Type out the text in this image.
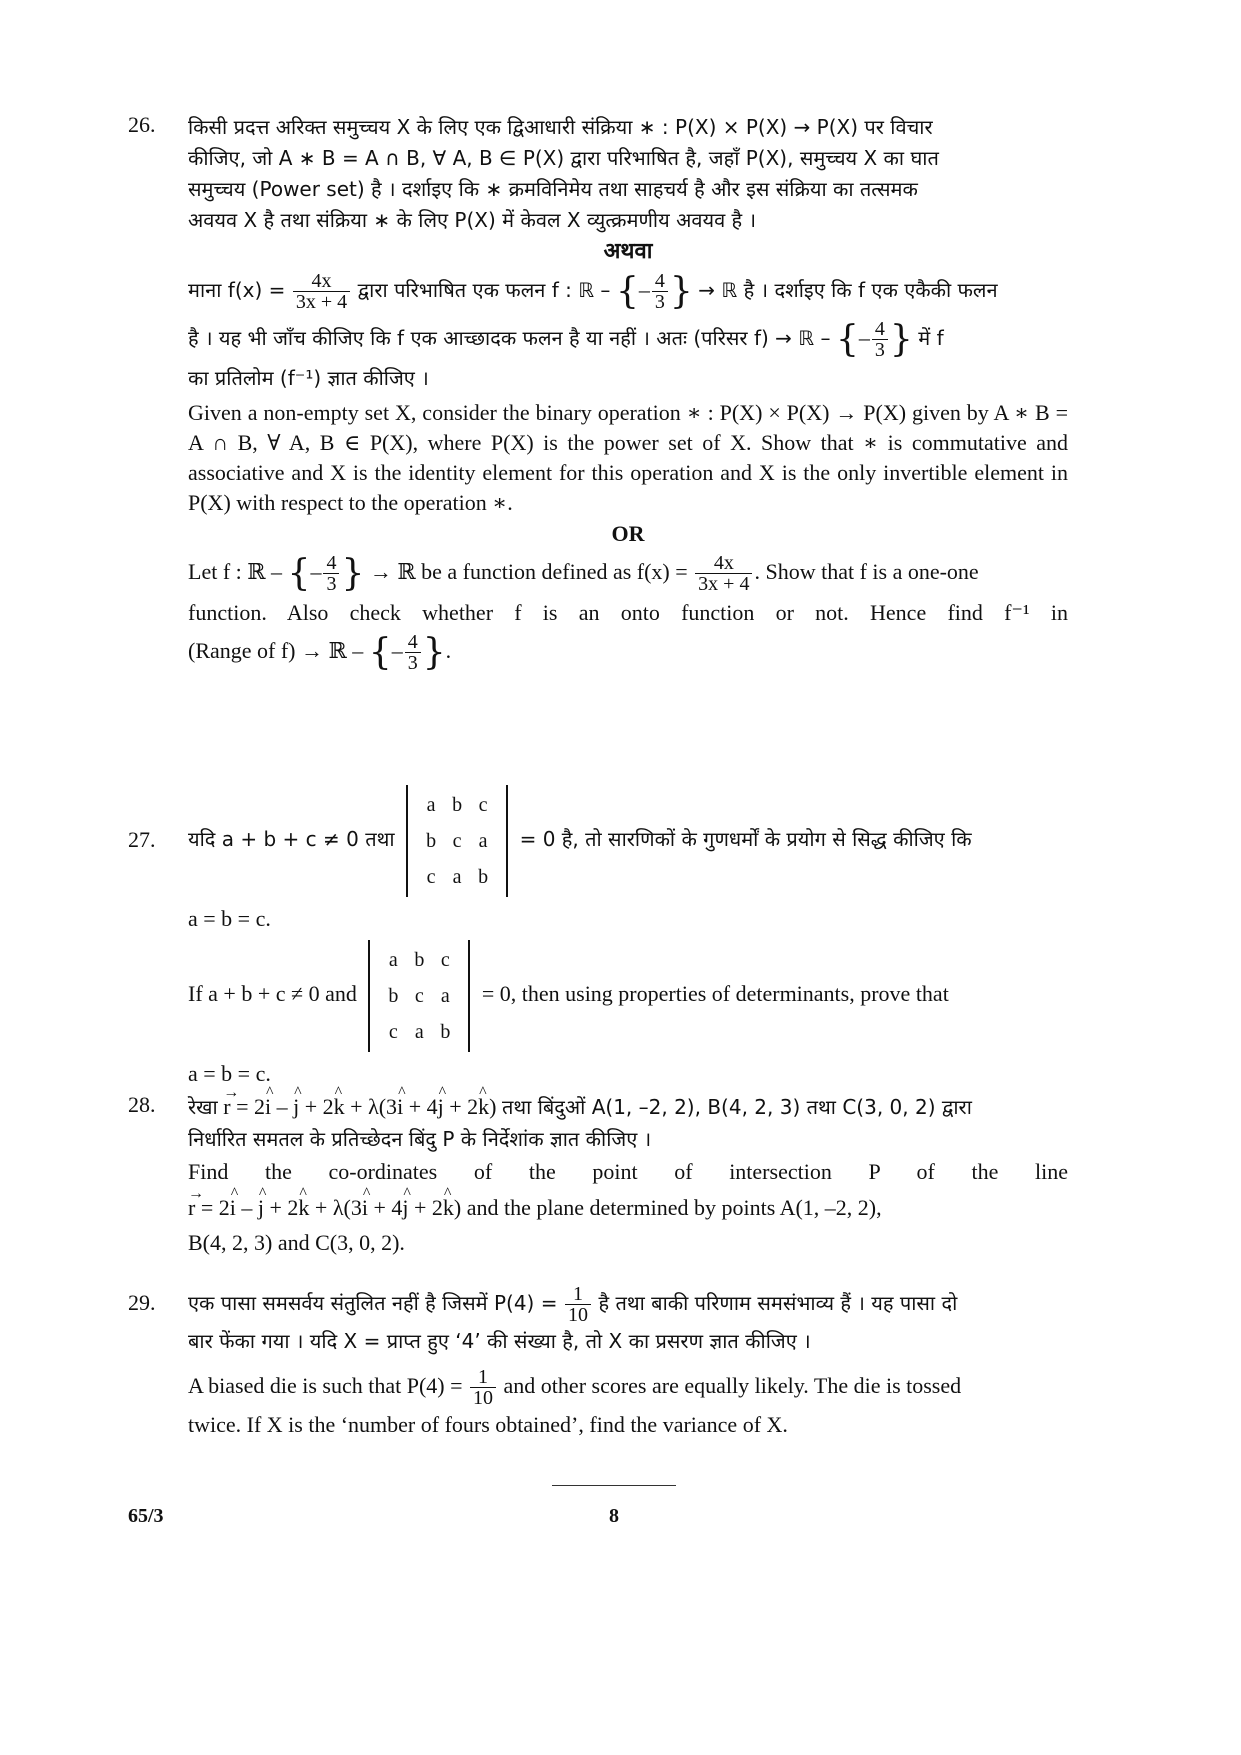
26. किसी प्रदत्त अरिक्त समुच्चय X के लिए एक द्विआधारी संक्रिया ∗ : P(X) × P(X) → P(X) पर विचार
कीजिए, जो A ∗ B = A ∩ B, ∀ A, B ∈ P(X) द्वारा परिभाषित है, जहाँ P(X), समुच्चय X का घात
समुच्चय (Power set) है । दर्शाइए कि ∗ क्रमविनिमेय तथा साहचर्य है और इस संक्रिया का तत्समक
अवयव X है तथा संक्रिया ∗ के लिए P(X) में केवल X व्युत्क्रमणीय अवयव है ।
अथवा
माना $f(x) = \frac{4x}{3x + 4}$ द्वारा परिभाषित एक फलन f : ℝ – {– $\frac{4}{3}$ } → ℝ है । दर्शाइए कि f एक एकैकी फलन
है । यह भी जाँच कीजिए कि f एक आच्छादक फलन है या नहीं । अतः (परिसर f) → ℝ – {– $\frac{4}{3}$ } में f
का प्रतिलोम (f⁻¹) ज्ञात कीजिए ।
Given a non-empty set X, consider the binary operation ∗ : P(X) × P(X) → P(X) given by A ∗ B = A ∩ B, ∀ A, B ∈ P(X), where P(X) is the power set of X. Show that ∗ is commutative and associative and X is the identity element for this operation and X is the only invertible element in P(X) with respect to the operation ∗.
OR
Let f : ℝ – {– $\frac{4}{3}$ } → ℝ be a function defined as $f(x) = \frac{4x}{3x + 4}$ . Show that f is a one-one
function. Also check whether f is an onto function or not. Hence find f⁻¹ in
(Range of f) → ℝ – {– $\frac{4}{3}$ }.
27. यदि a + b + c ≠ 0 तथा
a	b	c
b	c	a
c	a	b
= 0 है, तो सारणिकों के गुणधर्मों के प्रयोग से सिद्ध कीजिए कि
a = b = c.
If a + b + c ≠ 0 and
a	b	c
b	c	a
c	a	b
= 0, then using properties of determinants, prove that
a = b = c.
28. रेखा → r = 2^ i – ^ j + 2^ k + λ(3^ i + 4^ j + 2^ k) तथा बिंदुओं A(1, –2, 2), B(4, 2, 3) तथा C(3, 0, 2) द्वारा
निर्धारित समतल के प्रतिच्छेदन बिंदु P के निर्देशांक ज्ञात कीजिए ।
Find the co-ordinates of the point of intersection P of the line
→ r = 2^ i – ^ j + 2^ k + λ(3^ i + 4^ j + 2^ k) and the plane determined by points A(1, –2, 2),
B(4, 2, 3) and C(3, 0, 2).
29. एक पासा समसर्वय संतुलित नहीं है जिसमें $P(4) = \frac{1}{10}$ है तथा बाकी परिणाम समसंभाव्य हैं । यह पासा दो
बार फेंका गया । यदि X = प्राप्त हुए ‘4’ की संख्या है, तो X का प्रसरण ज्ञात कीजिए ।
A biased die is such that $P(4) = \frac{1}{10}$ and other scores are equally likely. The die is tossed
twice. If X is the ‘number of fours obtained’, find the variance of X.
65/3	8
